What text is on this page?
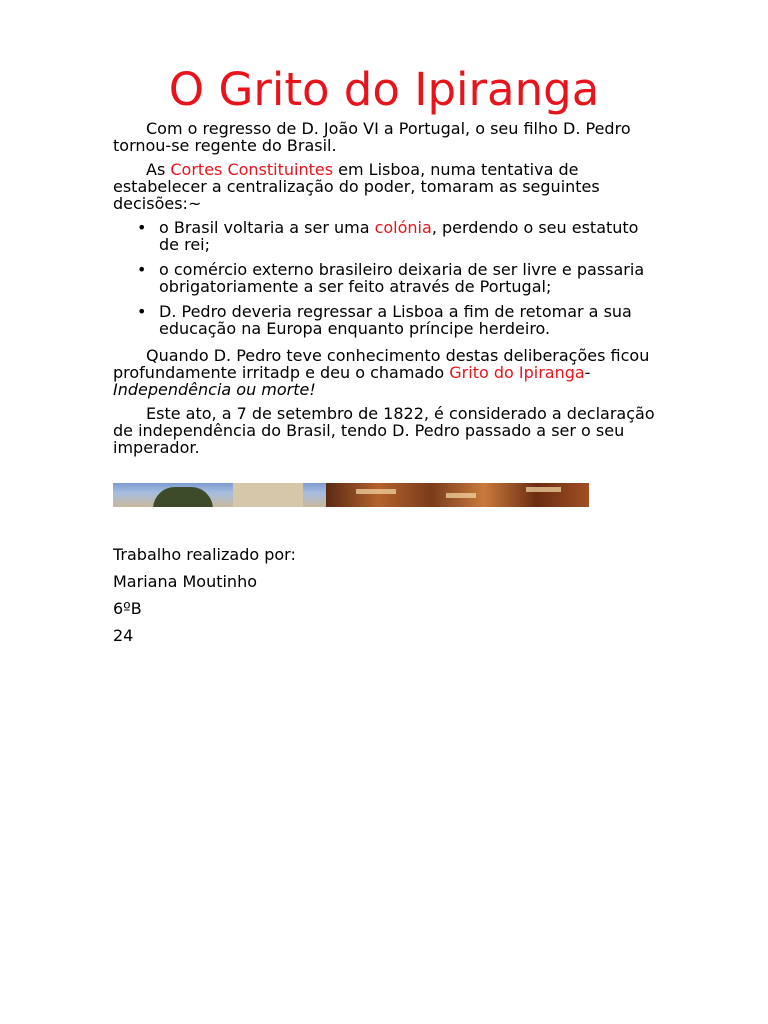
O Grito do Ipiranga

Com o regresso de D. João VI a Portugal, o seu filho D. Pedro tornou-se regente do Brasil.

As Cortes Constituintes em Lisboa, numa tentativa de estabelecer a centralização do poder, tomaram as seguintes decisões:~

• o Brasil voltaria a ser uma colónia, perdendo o seu estatuto de rei;
• o comércio externo brasileiro deixaria de ser livre e passaria obrigatoriamente a ser feito através de Portugal;
• D. Pedro deveria regressar a Lisboa a fim de retomar a sua educação na Europa enquanto príncipe herdeiro.

Quando D. Pedro teve conhecimento destas deliberações ficou profundamente irritadp e deu o chamado Grito do Ipiranga- Independência ou morte!

Este ato, a 7 de setembro de 1822, é considerado a declaração de independência do Brasil, tendo D. Pedro passado a ser o seu imperador.

Trabalho realizado por:
Mariana Moutinho
6ºB
24
